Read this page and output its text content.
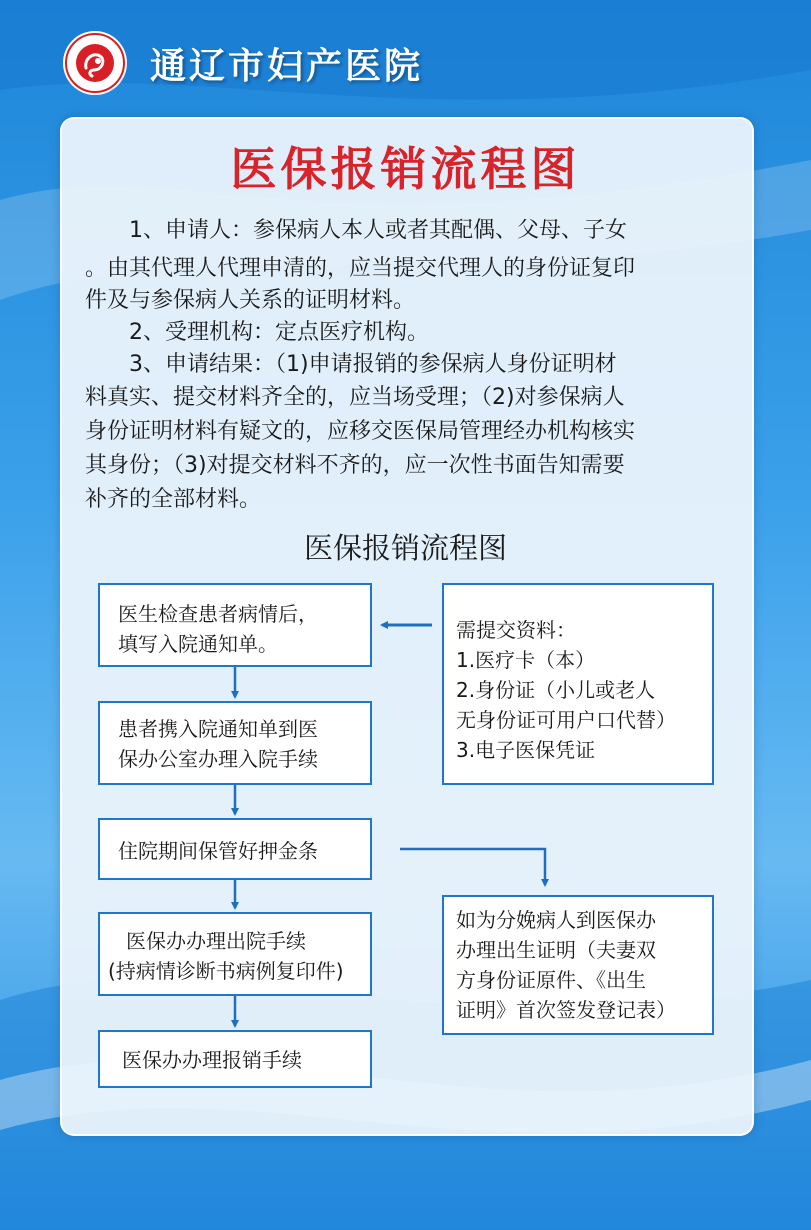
通辽市妇产医院
医保报销流程图

1、申请人：参保病人本人或者其配偶、父母、子女

。由其代理人代理申清的，应当提交代理人的身份证复印

件及与参保病人关系的证明材料。

2、受理机构：定点医疗机构。

3、申请结果：（1)申请报销的参保病人身份证明材

料真实、提交材料齐全的，应当场受理；（2)对参保病人

身份证明材料有疑文的，应移交医保局管理经办机构核实

其身份；（3)对提交材料不齐的，应一次性书面告知需要

补齐的全部材料。

医保报销流程图
医生检查患者病情后，
填写入院通知单。
患者携入院通知单到医
保办公室办理入院手续
住院期间保管好押金条
医保办办理出院手续
(持病情诊断书病例复印件)
医保办办理报销手续
需提交资料：
1.医疗卡（本）
2.身份证（小儿或老人
无身份证可用户口代替）
3.电子医保凭证
如为分娩病人到医保办
办理出生证明（夫妻双
方身份证原件、《出生
证明》首次签发登记表）
